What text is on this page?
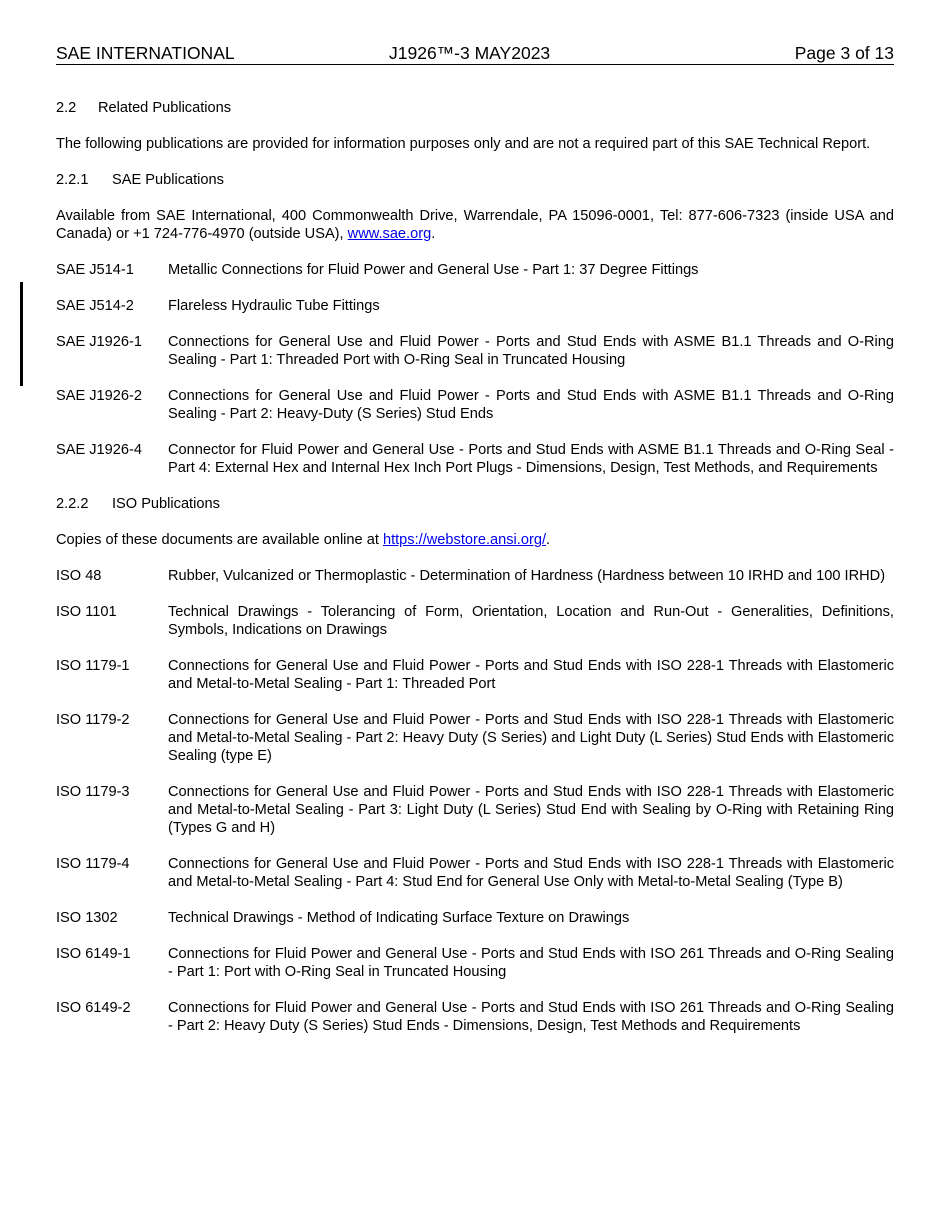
SAE INTERNATIONAL	J1926™-3 MAY2023	Page 3 of 13
2.2 Related Publications

The following publications are provided for information purposes only and are not a required part of this SAE Technical Report.

2.2.1 SAE Publications

Available from SAE International, 400 Commonwealth Drive, Warrendale, PA 15096-0001, Tel: 877-606-7323 (inside USA and Canada) or +1 724-776-4970 (outside USA), www.sae.org.

SAE J514-1	Metallic Connections for Fluid Power and General Use - Part 1: 37 Degree Fittings
SAE J514-2	Flareless Hydraulic Tube Fittings
SAE J1926-1	Connections for General Use and Fluid Power - Ports and Stud Ends with ASME B1.1 Threads and O-Ring Sealing - Part 1: Threaded Port with O-Ring Seal in Truncated Housing
SAE J1926-2	Connections for General Use and Fluid Power - Ports and Stud Ends with ASME B1.1 Threads and O-Ring Sealing - Part 2: Heavy-Duty (S Series) Stud Ends
SAE J1926-4	Connector for Fluid Power and General Use - Ports and Stud Ends with ASME B1.1 Threads and O-Ring Seal - Part 4: External Hex and Internal Hex Inch Port Plugs - Dimensions, Design, Test Methods, and Requirements
2.2.2 ISO Publications

Copies of these documents are available online at https://webstore.ansi.org/.

ISO 48	Rubber, Vulcanized or Thermoplastic - Determination of Hardness (Hardness between 10 IRHD and 100 IRHD)
ISO 1101	Technical Drawings - Tolerancing of Form, Orientation, Location and Run-Out - Generalities, Definitions, Symbols, Indications on Drawings
ISO 1179-1	Connections for General Use and Fluid Power - Ports and Stud Ends with ISO 228-1 Threads with Elastomeric and Metal-to-Metal Sealing - Part 1: Threaded Port
ISO 1179-2	Connections for General Use and Fluid Power - Ports and Stud Ends with ISO 228-1 Threads with Elastomeric and Metal-to-Metal Sealing - Part 2: Heavy Duty (S Series) and Light Duty (L Series) Stud Ends with Elastomeric Sealing (type E)
ISO 1179-3	Connections for General Use and Fluid Power - Ports and Stud Ends with ISO 228-1 Threads with Elastomeric and Metal-to-Metal Sealing - Part 3: Light Duty (L Series) Stud End with Sealing by O-Ring with Retaining Ring (Types G and H)
ISO 1179-4	Connections for General Use and Fluid Power - Ports and Stud Ends with ISO 228-1 Threads with Elastomeric and Metal-to-Metal Sealing - Part 4: Stud End for General Use Only with Metal-to-Metal Sealing (Type B)
ISO 1302	Technical Drawings - Method of Indicating Surface Texture on Drawings
ISO 6149-1	Connections for Fluid Power and General Use - Ports and Stud Ends with ISO 261 Threads and O-Ring Sealing - Part 1: Port with O-Ring Seal in Truncated Housing
ISO 6149-2	Connections for Fluid Power and General Use - Ports and Stud Ends with ISO 261 Threads and O-Ring Sealing - Part 2: Heavy Duty (S Series) Stud Ends - Dimensions, Design, Test Methods and Requirements
